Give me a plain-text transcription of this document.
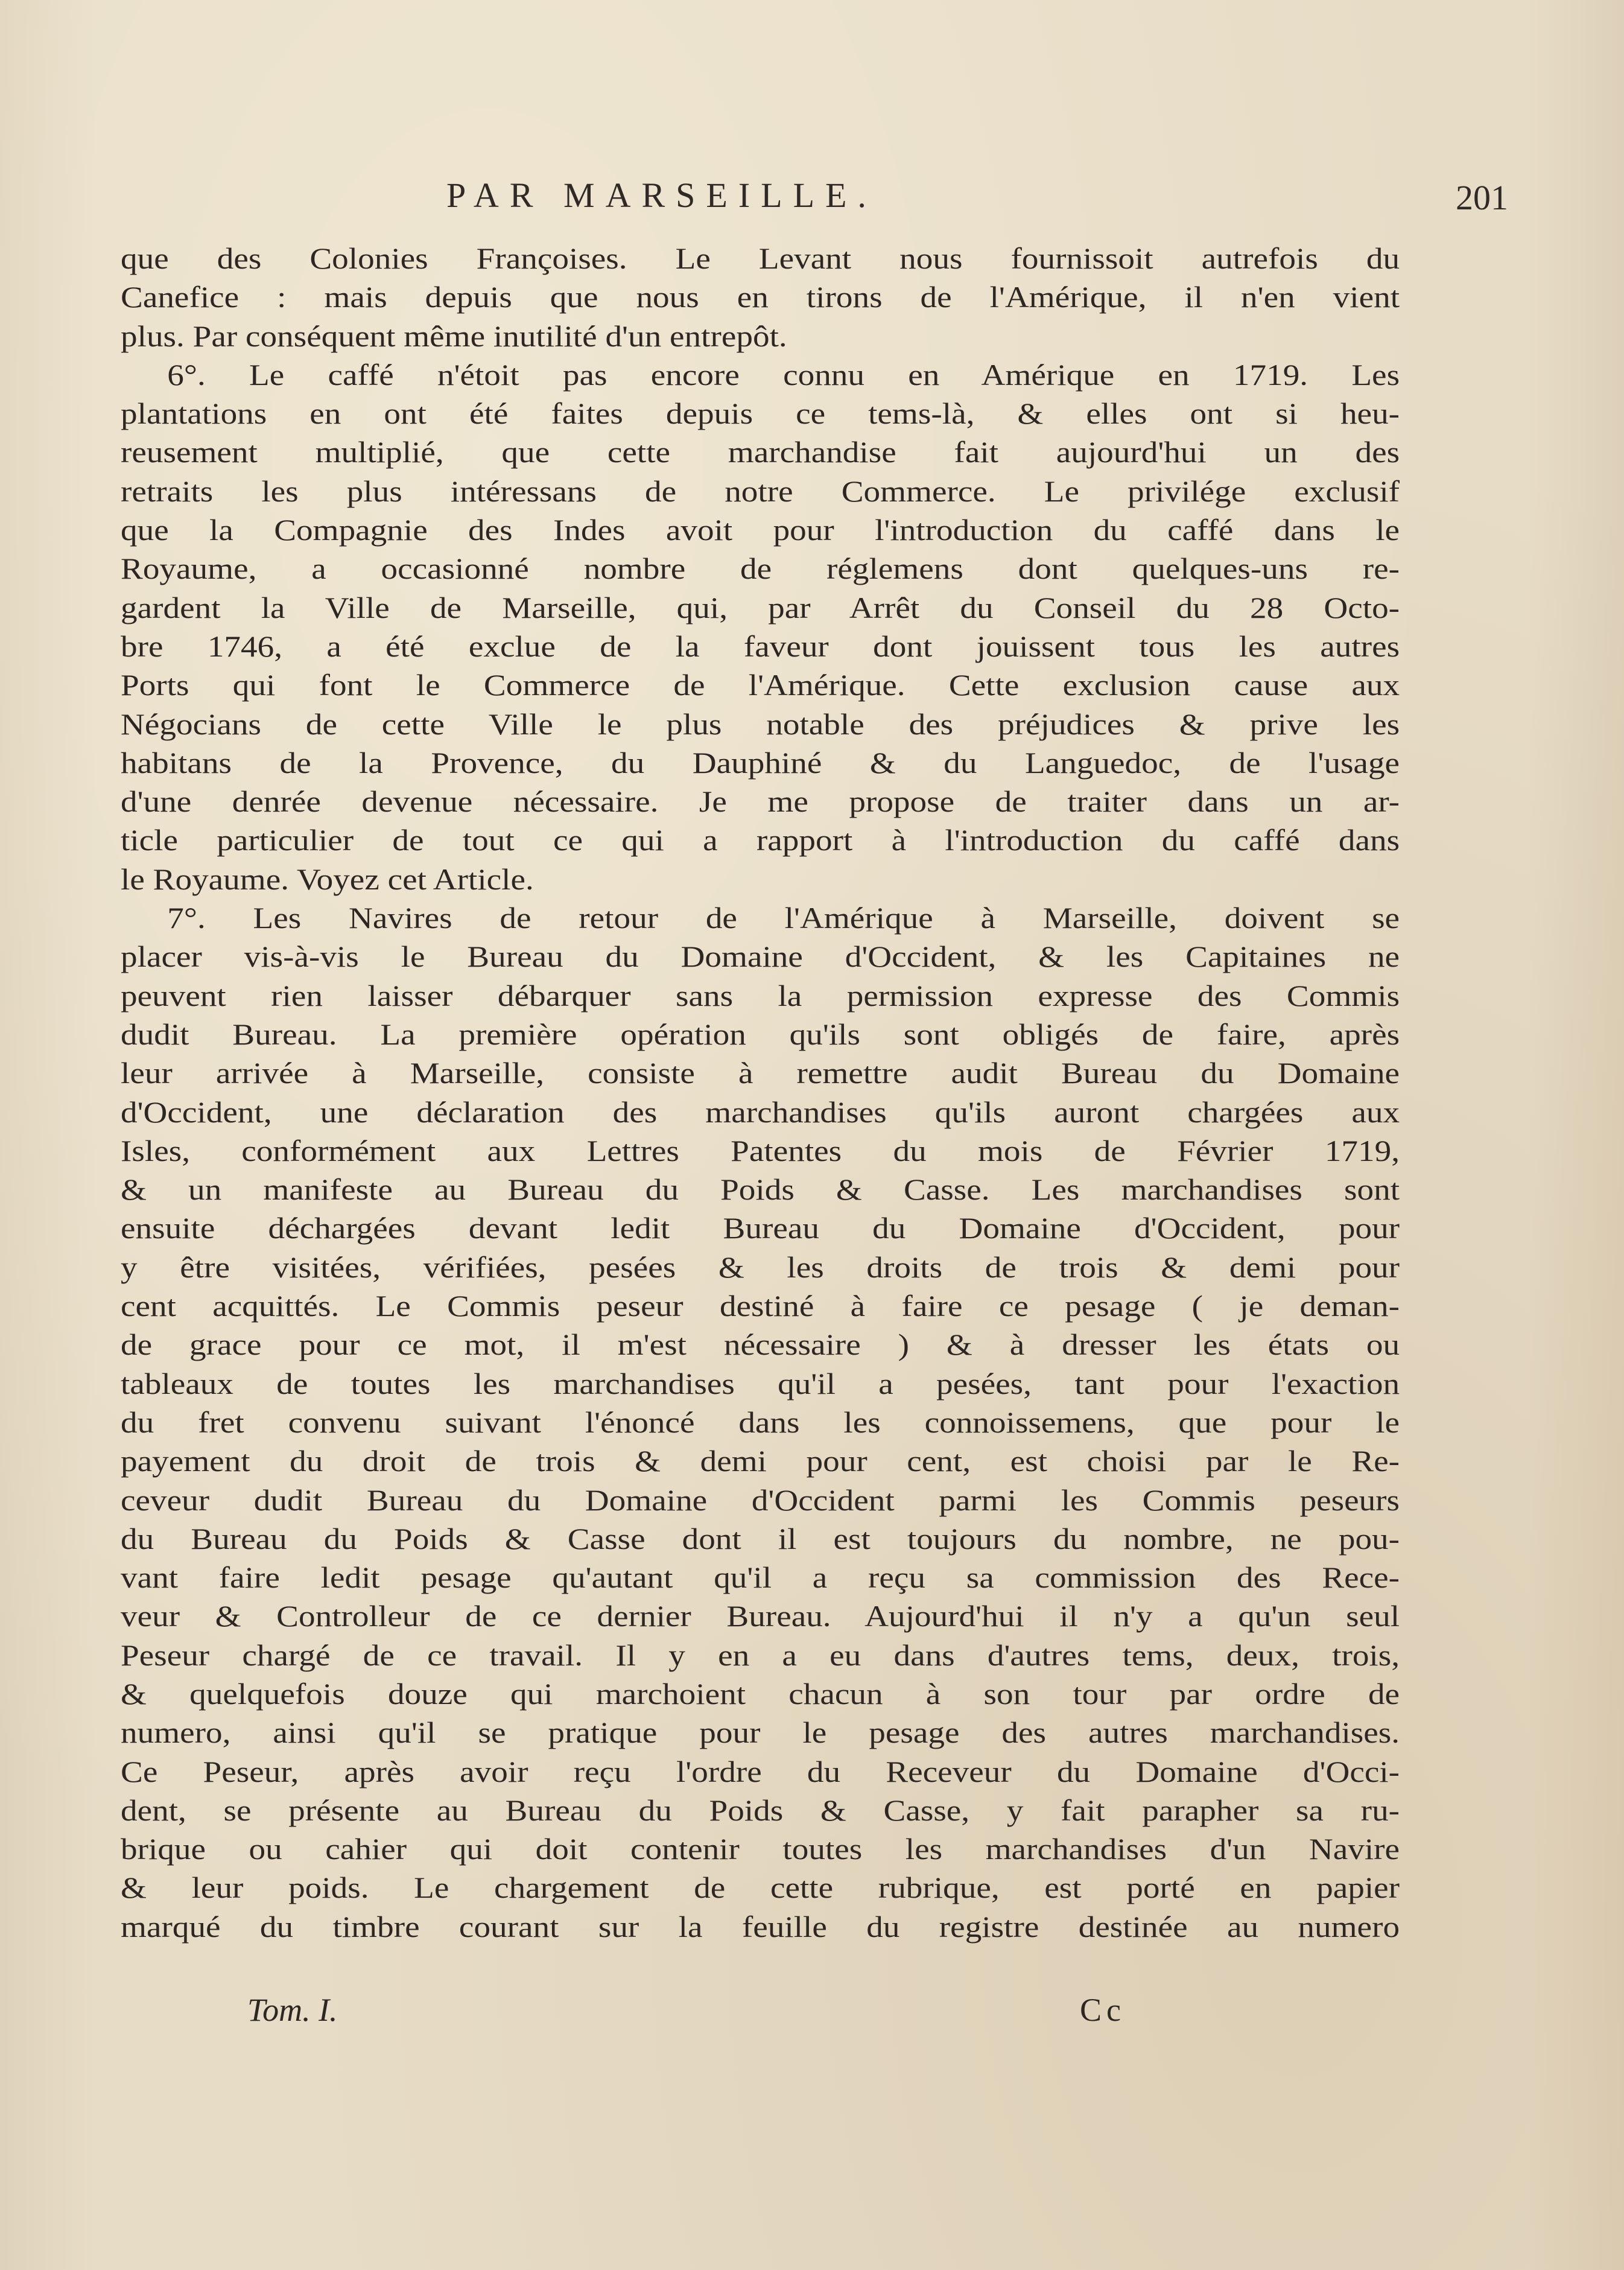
PAR MARSEILLE.	201
que des Colonies Françoises. Le Levant nous fournissoit autrefois du
Canefice : mais depuis que nous en tirons de l'Amérique, il n'en vient
plus. Par conséquent même inutilité d'un entrepôt.
6°. Le caffé n'étoit pas encore connu en Amérique en 1719. Les
plantations en ont été faites depuis ce tems-là, & elles ont si heu-
reusement multiplié, que cette marchandise fait aujourd'hui un des
retraits les plus intéressans de notre Commerce. Le privilége exclusif
que la Compagnie des Indes avoit pour l'introduction du caffé dans le
Royaume, a occasionné nombre de réglemens dont quelques-uns re-
gardent la Ville de Marseille, qui, par Arrêt du Conseil du 28 Octo-
bre 1746, a été exclue de la faveur dont jouissent tous les autres
Ports qui font le Commerce de l'Amérique. Cette exclusion cause aux
Négocians de cette Ville le plus notable des préjudices & prive les
habitans de la Provence, du Dauphiné & du Languedoc, de l'usage
d'une denrée devenue nécessaire. Je me propose de traiter dans un ar-
ticle particulier de tout ce qui a rapport à l'introduction du caffé dans
le Royaume. Voyez cet Article.
7°. Les Navires de retour de l'Amérique à Marseille, doivent se
placer vis-à-vis le Bureau du Domaine d'Occident, & les Capitaines ne
peuvent rien laisser débarquer sans la permission expresse des Commis
dudit Bureau. La première opération qu'ils sont obligés de faire, après
leur arrivée à Marseille, consiste à remettre audit Bureau du Domaine
d'Occident, une déclaration des marchandises qu'ils auront chargées aux
Isles, conformément aux Lettres Patentes du mois de Février 1719,
& un manifeste au Bureau du Poids & Casse. Les marchandises sont
ensuite déchargées devant ledit Bureau du Domaine d'Occident, pour
y être visitées, vérifiées, pesées & les droits de trois & demi pour
cent acquittés. Le Commis peseur destiné à faire ce pesage ( je deman-
de grace pour ce mot, il m'est nécessaire ) & à dresser les états ou
tableaux de toutes les marchandises qu'il a pesées, tant pour l'exaction
du fret convenu suivant l'énoncé dans les connoissemens, que pour le
payement du droit de trois & demi pour cent, est choisi par le Re-
ceveur dudit Bureau du Domaine d'Occident parmi les Commis peseurs
du Bureau du Poids & Casse dont il est toujours du nombre, ne pou-
vant faire ledit pesage qu'autant qu'il a reçu sa commission des Rece-
veur & Controlleur de ce dernier Bureau. Aujourd'hui il n'y a qu'un seul
Peseur chargé de ce travail. Il y en a eu dans d'autres tems, deux, trois,
& quelquefois douze qui marchoient chacun à son tour par ordre de
numero, ainsi qu'il se pratique pour le pesage des autres marchandises.
Ce Peseur, après avoir reçu l'ordre du Receveur du Domaine d'Occi-
dent, se présente au Bureau du Poids & Casse, y fait parapher sa ru-
brique ou cahier qui doit contenir toutes les marchandises d'un Navire
& leur poids. Le chargement de cette rubrique, est porté en papier
marqué du timbre courant sur la feuille du registre destinée au numero
Tom. I.	Cc
